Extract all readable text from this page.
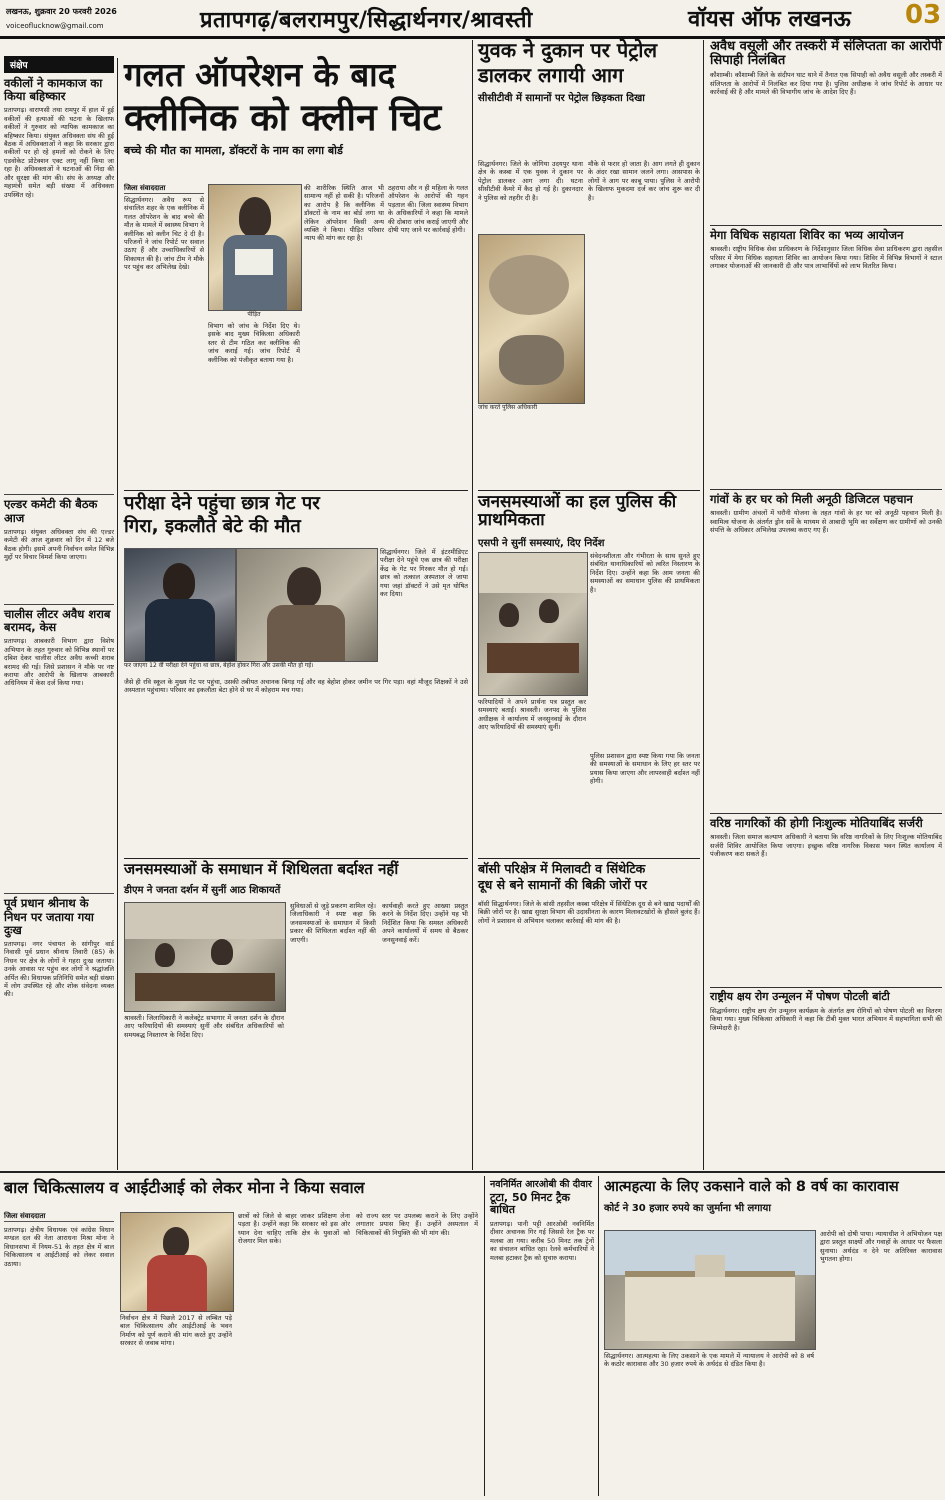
लखनऊ, शुक्रवार 20 फरवरी 2026
voiceoflucknow@gmail.com	प्रतापगढ़/बलरामपुर/सिद्धार्थनगर/श्रावस्ती	वॉयस ऑफ लखनऊ 03
संक्षेप
वकीलों ने कामकाज का किया बहिष्कार
प्रतापगढ़। वाराणसी तथा रामपुर में हाल में हुई वकीलों की हत्याओं की घटना के खिलाफ वकीलों ने गुरुवार को न्यायिक कामकाज का बहिष्कार किया। संयुक्त अधिवक्ता संघ की हुई बैठक में अधिवक्ताओं ने कहा कि सरकार द्वारा वकीलों पर हो रहे हमलों को रोकने के लिए एडवोकेट प्रोटेक्शन एक्ट लागू नहीं किया जा रहा है। अधिवक्ताओं ने घटनाओं की निंदा की और सुरक्षा की मांग की। संघ के अध्यक्ष और महामंत्री समेत बड़ी संख्या में अधिवक्ता उपस्थित रहे।
एल्डर कमेटी की बैठक आज
प्रतापगढ़। संयुक्त अधिवक्ता संघ की एल्डर कमेटी की आज शुक्रवार को दिन में 12 बजे बैठक होगी। इसमें अपनी निर्वाचन समेत विभिन्न मुद्दों पर विचार विमर्श किया जाएगा।
चालीस लीटर अवैध शराब बरामद, केस
प्रतापगढ़। आबकारी विभाग द्वारा विशेष अभियान के तहत गुरुवार को विभिन्न स्थानों पर दबिश देकर चालीस लीटर अवैध कच्ची शराब बरामद की गई। जिसे प्रशासन ने मौके पर नष्ट कराया और आरोपी के खिलाफ आबकारी अधिनियम में केस दर्ज किया गया।
पूर्व प्रधान श्रीनाथ के निधन पर जताया गया दुःख
प्रतापगढ़। नगर पंचायत के सांगीपुर वार्ड निवासी पूर्व प्रधान श्रीनाथ तिवारी (85) के निधन पर क्षेत्र के लोगों ने गहरा दुःख जताया। उनके आवास पर पहुंच कर लोगों ने श्रद्धांजलि अर्पित की। विधायक प्रतिनिधि समेत बड़ी संख्या में लोग उपस्थित रहे और शोक संवेदना व्यक्त की।
गलत ऑपरेशन के बाद
क्लीनिक को क्लीन चिट
बच्चे की मौत का मामला, डॉक्टरों के नाम का लगा बोर्ड
जिला संवाददाता
सिद्धार्थनगर। अवैध रूप से संचालित शहर के एक क्लीनिक में गलत ऑपरेशन के बाद बच्चे की मौत के मामले में स्वास्थ्य विभाग ने क्लीनिक को क्लीन चिट दे दी है। परिजनों ने जांच रिपोर्ट पर सवाल उठाए हैं और उच्चाधिकारियों से शिकायत की है। जांच टीम ने मौके पर पहुंच कर अभिलेख देखे।
पीड़ित
की शारीरिक स्थिति आज भी सामान्य नहीं हो सकी है। परिजनों का आरोप है कि क्लीनिक में डॉक्टरों के नाम का बोर्ड लगा था लेकिन ऑपरेशन किसी अन्य व्यक्ति ने किया। पीड़ित परिवार न्याय की मांग कर रहा है।
विभाग को जांच के निर्देश दिए थे। इसके बाद मुख्य चिकित्सा अधिकारी स्तर से टीम गठित कर क्लीनिक की जांच कराई गई। जांच रिपोर्ट में क्लीनिक को पंजीकृत बताया गया है।
ठहराया और न ही महिला के गलत ऑपरेशन के आरोपों की गहन पड़ताल की। जिला स्वास्थ्य विभाग के अधिकारियों ने कहा कि मामले की दोबारा जांच कराई जाएगी और दोषी पाए जाने पर कार्रवाई होगी।
युवक ने दुकान पर पेट्रोल
डालकर लगायी आग
सीसीटीवी में सामानों पर पेट्रोल छिड़कता दिखा
सिद्धार्थनगर। जिले के जोगिया उदयपुर थाना क्षेत्र के कस्बा में एक युवक ने दुकान पर पेट्रोल डालकर आग लगा दी। घटना सीसीटीवी कैमरे में कैद हो गई है। दुकानदार ने पुलिस को तहरीर दी है।
जांच करते पुलिस अधिकारी
मौके से फरार हो जाता है। आग लगते ही दुकान के अंदर रखा सामान जलने लगा। आसपास के लोगों ने आग पर काबू पाया। पुलिस ने आरोपी के खिलाफ मुकदमा दर्ज कर जांच शुरू कर दी है।
परीक्षा देने पहुंचा छात्र गेट पर
गिरा, इकलौते बेटे की मौत
सिद्धार्थनगर। जिले में इंटरमीडिएट परीक्षा देने पहुंचे एक छात्र की परीक्षा केंद्र के गेट पर गिरकर मौत हो गई। छात्र को तत्काल अस्पताल ले जाया गया जहां डॉक्टरों ने उसे मृत घोषित कर दिया।
फर जाएगा 12 वीं परीक्षा देने पहुंचा था छात्र, बेहोश होकर गिरा और उसकी मौत हो गई।
जैसे ही रवि स्कूल के मुख्य गेट पर पहुंचा, उसकी तबीयत अचानक बिगड़ गई और वह बेहोश होकर जमीन पर गिर पड़ा। वहां मौजूद शिक्षकों ने उसे अस्पताल पहुंचाया। परिवार का इकलौता बेटा होने से घर में कोहराम मच गया।
जनसमस्याओं का हल पुलिस की प्राथमिकता
एसपी ने सुनीं समस्याएं, दिए निर्देश
संवेदनशीलता और गंभीरता के साथ सुनते हुए संबंधित थानाधिकारियों को त्वरित निस्तारण के निर्देश दिए। उन्होंने कहा कि आम जनता की समस्याओं का समाधान पुलिस की प्राथमिकता है।
फरियादियों ने अपने प्रार्थना पत्र प्रस्तुत कर समस्याएं बताईं। श्रावस्ती। जनपद के पुलिस अधीक्षक ने कार्यालय में जनसुनवाई के दौरान आए फरियादियों की समस्याएं सुनीं।
पुलिस प्रशासन द्वारा स्पष्ट किया गया कि जनता की समस्याओं के समाधान के लिए हर स्तर पर प्रयास किया जाएगा और लापरवाही बर्दाश्त नहीं होगी।
जनसमस्याओं के समाधान में शिथिलता बर्दाश्त नहीं
डीएम ने जनता दर्शन में सुनीं आठ शिकायतें
श्रावस्ती। जिलाधिकारी ने कलेक्ट्रेट सभागार में जनता दर्शन के दौरान आए फरियादियों की समस्याएं सुनीं और संबंधित अधिकारियों को समयबद्ध निस्तारण के निर्देश दिए।
सुविधाओं से जुड़े प्रकरण शामिल रहे। जिलाधिकारी ने स्पष्ट कहा कि जनसमस्याओं के समाधान में किसी प्रकार की शिथिलता बर्दाश्त नहीं की जाएगी।
कार्यवाही करते हुए आख्या प्रस्तुत करने के निर्देश दिए। उन्होंने यह भी निर्देशित किया कि समस्त अधिकारी अपने कार्यालयों में समय से बैठकर जनसुनवाई करें।
बॉसी परिक्षेत्र में मिलावटी व सिंथेटिक
दूध से बने सामानों की बिक्री जोरों पर
बॉसी सिद्धार्थनगर। जिले के बांसी तहसील कस्बा परिक्षेत्र में सिंथेटिक दूध से बने खाद्य पदार्थों की बिक्री जोरों पर है। खाद्य सुरक्षा विभाग की उदासीनता के कारण मिलावटखोरों के हौसले बुलंद हैं। लोगों ने प्रशासन से अभियान चलाकर कार्रवाई की मांग की है।
अवैध वसूली और तस्करी में संलिप्तता का आरोपी सिपाही निलंबित
कौशाम्बी। कौशाम्बी जिले के संदीपन घाट थाने में तैनात एक सिपाही को अवैध वसूली और तस्करी में संलिप्तता के आरोपों में निलंबित कर दिया गया है। पुलिस अधीक्षक ने जांच रिपोर्ट के आधार पर कार्रवाई की है और मामले की विभागीय जांच के आदेश दिए हैं।
मेगा विधिक सहायता शिविर का भव्य आयोजन
श्रावस्ती। राष्ट्रीय विधिक सेवा प्राधिकरण के निर्देशानुसार जिला विधिक सेवा प्राधिकरण द्वारा तहसील परिसर में मेगा विधिक सहायता शिविर का आयोजन किया गया। शिविर में विभिन्न विभागों ने स्टाल लगाकर योजनाओं की जानकारी दी और पात्र लाभार्थियों को लाभ वितरित किया।
गांवों के हर घर को मिली अनूठी डिजिटल पहचान
श्रावस्ती। ग्रामीण अंचलों में घरौनी योजना के तहत गांवों के हर घर को अनूठी पहचान मिली है। स्वामित्व योजना के अंतर्गत ड्रोन सर्वे के माध्यम से आबादी भूमि का सर्वेक्षण कर ग्रामीणों को उनकी संपत्ति के अधिकार अभिलेख उपलब्ध कराए गए हैं।
वरिष्ठ नागरिकों की होगी निःशुल्क मोतियाबिंद सर्जरी
श्रावस्ती। जिला समाज कल्याण अधिकारी ने बताया कि वरिष्ठ नागरिकों के लिए निःशुल्क मोतियाबिंद सर्जरी शिविर आयोजित किया जाएगा। इच्छुक वरिष्ठ नागरिक विकास भवन स्थित कार्यालय में पंजीकरण करा सकते हैं।
राष्ट्रीय क्षय रोग उन्मूलन में पोषण पोटली बांटी
सिद्धार्थनगर। राष्ट्रीय क्षय रोग उन्मूलन कार्यक्रम के अंतर्गत क्षय रोगियों को पोषण पोटली का वितरण किया गया। मुख्य चिकित्सा अधिकारी ने कहा कि टीबी मुक्त भारत अभियान में सहभागिता सभी की जिम्मेदारी है।
बाल चिकित्सालय व आईटीआई को लेकर मोना ने किया सवाल
जिला संवाददाता
प्रतापगढ़। क्षेत्रीय विधायक एवं कांग्रेस विधान मण्डल दल की नेता आराधना मिश्रा मोना ने विधानसभा में नियम-51 के तहत क्षेत्र में बाल चिकित्सालय व आईटीआई को लेकर सवाल उठाया।
निर्वाचन क्षेत्र में पिछले 2017 से लम्बित पड़े बाल चिकित्सालय और आईटीआई के भवन निर्माण को पूर्ण कराने की मांग करते हुए उन्होंने सरकार से जवाब मांगा।
छात्रों को जिले से बाहर जाकर प्रशिक्षण लेना पड़ता है। उन्होंने कहा कि सरकार को इस ओर ध्यान देना चाहिए ताकि क्षेत्र के युवाओं को रोजगार मिल सके।
को राज्य स्तर पर उपलब्ध कराने के लिए उन्होंने लगातार प्रयास किए हैं। उन्होंने अस्पताल में चिकित्सकों की नियुक्ति की भी मांग की।
नवनिर्मित आरओबी की दीवार
टूटा, 50 मिनट ट्रैक बाधित
प्रतापगढ़। पानी पट्टी आरओबी नवनिर्मित दीवार अचानक गिर गई जिससे रेल ट्रैक पर मलबा आ गया। करीब 50 मिनट तक ट्रेनों का संचालन बाधित रहा। रेलवे कर्मचारियों ने मलबा हटाकर ट्रैक को सुचारु कराया।
आत्महत्या के लिए उकसाने वाले को 8 वर्ष का कारावास
कोर्ट ने 30 हजार रुपये का जुर्माना भी लगाया
सिद्धार्थनगर। आत्महत्या के लिए उकसाने के एक मामले में न्यायालय ने आरोपी को 8 वर्ष के कठोर कारावास और 30 हजार रुपये के अर्थदंड से दंडित किया है।
आरोपी को दोषी पाया। न्यायाधीश ने अभियोजन पक्ष द्वारा प्रस्तुत साक्ष्यों और गवाहों के आधार पर फैसला सुनाया। अर्थदंड न देने पर अतिरिक्त कारावास भुगतना होगा।
